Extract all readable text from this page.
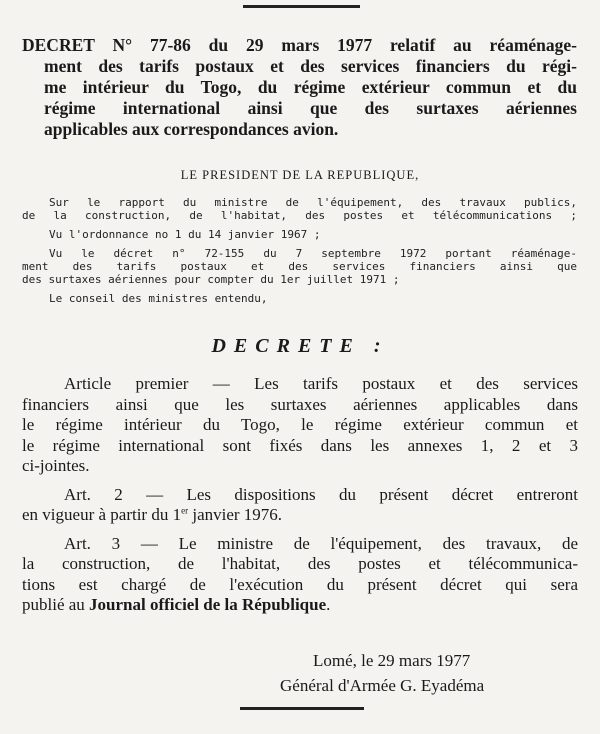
DECRET N° 77-86 du 29 mars 1977 relatif au réaménage-
ment des tarifs postaux et des services financiers du régi-
me intérieur du Togo, du régime extérieur commun et du
régime international ainsi que des surtaxes aériennes
applicables aux correspondances avion.
LE PRESIDENT DE LA REPUBLIQUE,
Sur le rapport du ministre de l'équipement, des travaux publics,
de la construction, de l'habitat, des postes et télécommunications ;
Vu l'ordonnance no 1 du 14 janvier 1967 ;
Vu le décret n° 72-155 du 7 septembre 1972 portant réaménage-
ment des tarifs postaux et des services financiers ainsi que
des surtaxes aériennes pour compter du 1er juillet 1971 ;
Le conseil des ministres entendu,
DECRETE :

Article premier — Les tarifs postaux et des services
financiers ainsi que les surtaxes aériennes applicables dans
le régime intérieur du Togo, le régime extérieur commun et
le régime international sont fixés dans les annexes 1, 2 et 3
ci-jointes.

Art. 2 — Les dispositions du présent décret entreront
en vigueur à partir du 1er janvier 1976.

Art. 3 — Le ministre de l'équipement, des travaux, de
la construction, de l'habitat, des postes et télécommunica-
tions est chargé de l'exécution du présent décret qui sera
publié au Journal officiel de la République.

Lomé, le 29 mars 1977
Général d'Armée G. Eyadéma
